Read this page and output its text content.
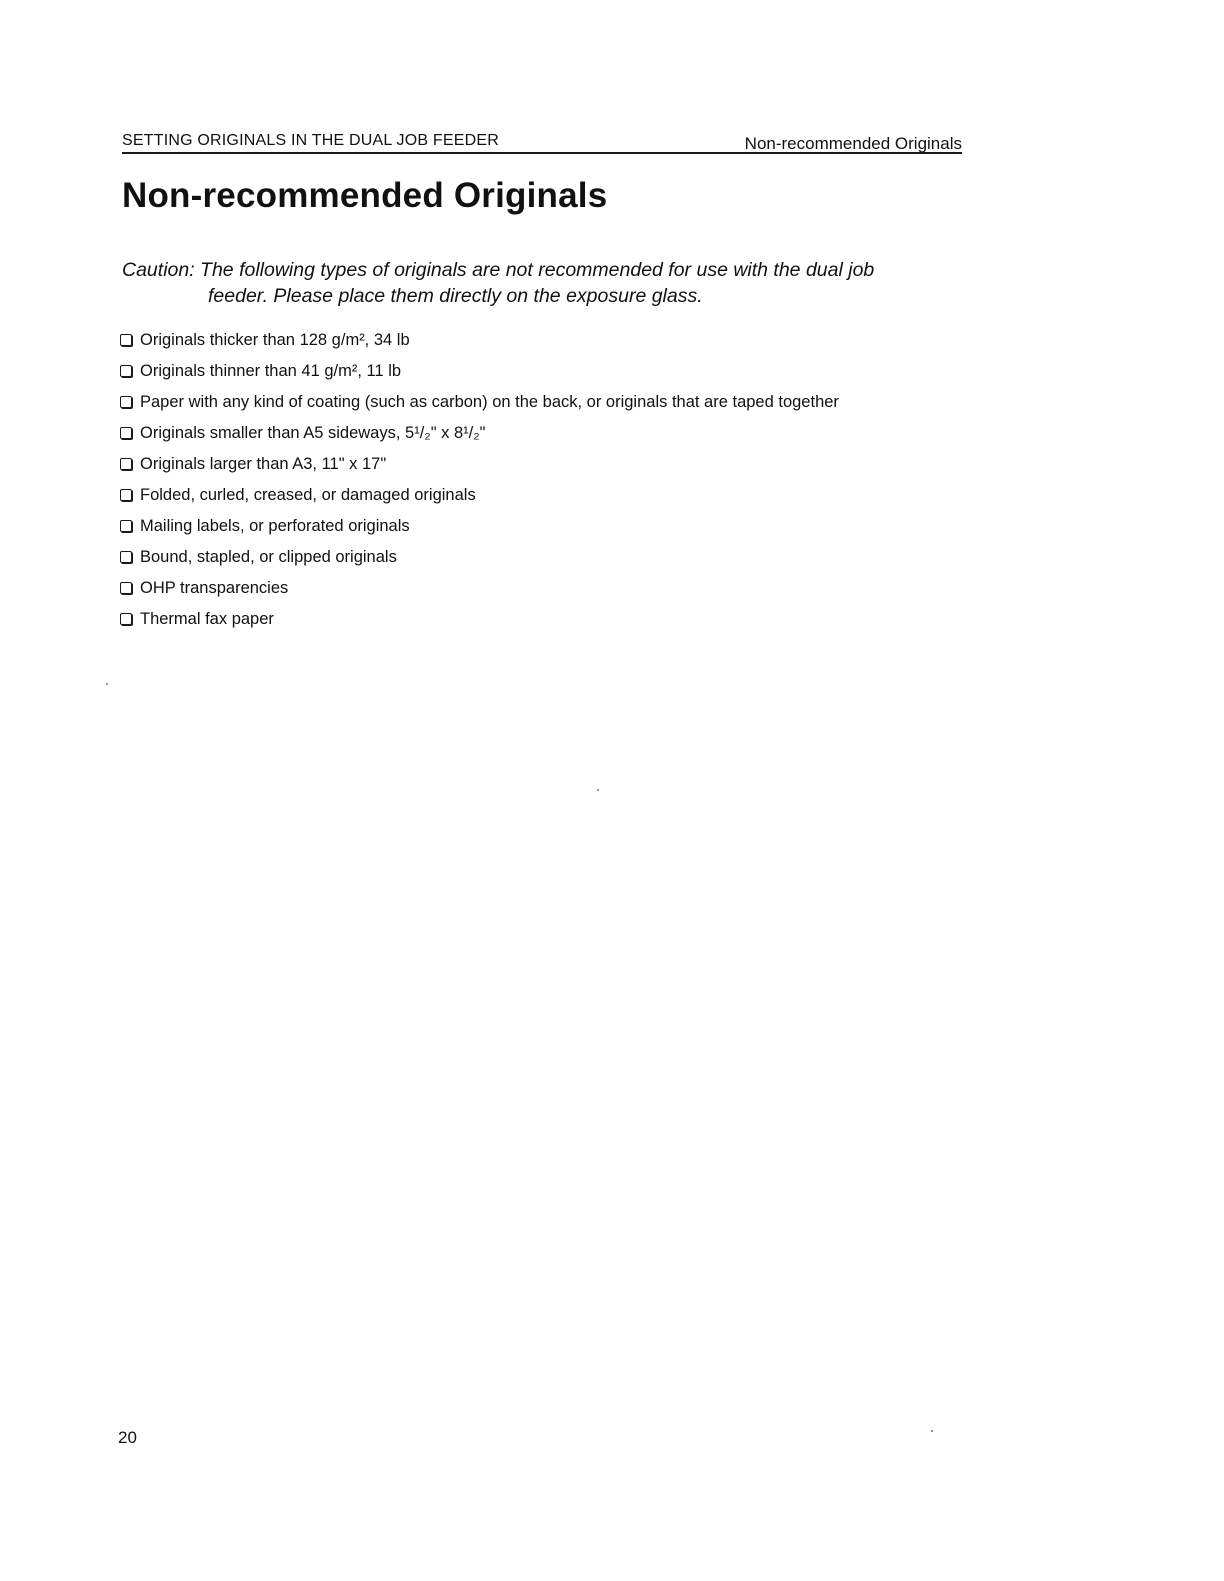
SETTING ORIGINALS IN THE DUAL JOB FEEDER	Non-recommended Originals
Non-recommended Originals
Caution: The following types of originals are not recommended for use with the dual job
feeder. Please place them directly on the exposure glass.
Originals thicker than 128 g/m², 34 lb
Originals thinner than 41 g/m², 11 lb
Paper with any kind of coating (such as carbon) on the back, or originals that are taped together
Originals smaller than A5 sideways, 5¹/₂" x 8¹/₂"
Originals larger than A3, 11" x 17"
Folded, curled, creased, or damaged originals
Mailing labels, or perforated originals
Bound, stapled, or clipped originals
OHP transparencies
Thermal fax paper
20
